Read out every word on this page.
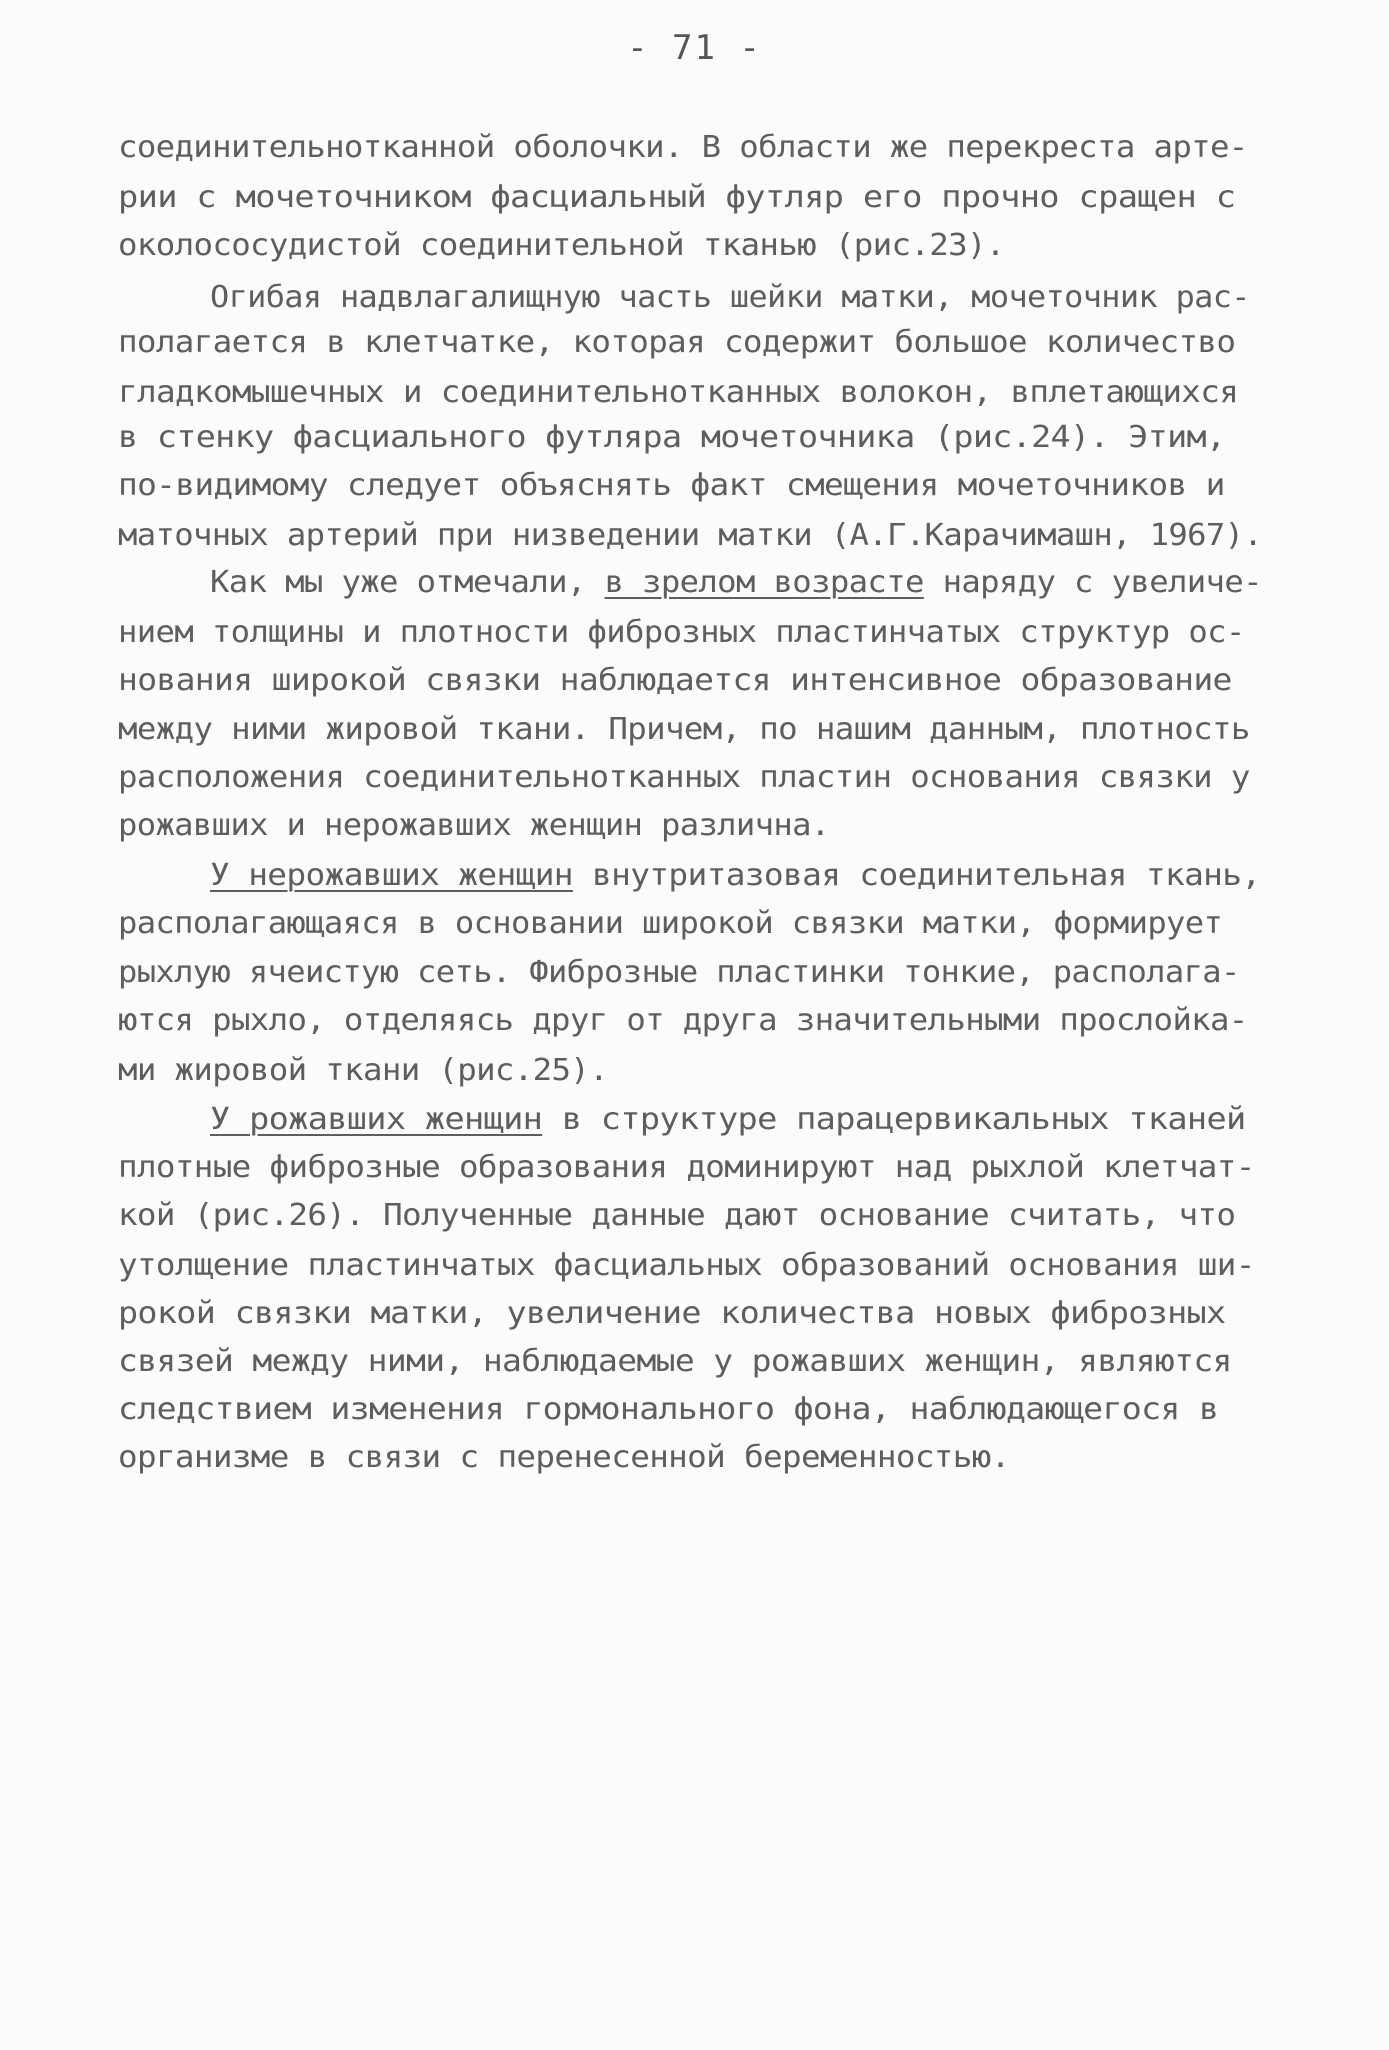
- 71 -
соединительнотканной оболочки. В области же перекреста арте-
рии с мочеточником фасциальный футляр его прочно сращен с
околососудистой соединительной тканью (рис.23).
Огибая надвлагалищную часть шейки матки, мочеточник рас-
полагается в клетчатке, которая содержит большое количество
гладкомышечных и соединительнотканных волокон, вплетающихся
в стенку фасциального футляра мочеточника (рис.24). Этим,
по-видимому следует объяснять факт смещения мочеточников и
маточных артерий при низведении матки (А.Г.Карачимашн, 1967).
Как мы уже отмечали, в зрелом возрасте наряду с увеличе-
нием толщины и плотности фиброзных пластинчатых структур ос-
нования широкой связки наблюдается интенсивное образование
между ними жировой ткани. Причем, по нашим данным, плотность
расположения соединительнотканных пластин основания связки у
рожавших и нерожавших женщин различна.
У нерожавших женщин внутритазовая соединительная ткань,
располагающаяся в основании широкой связки матки, формирует
рыхлую ячеистую сеть. Фиброзные пластинки тонкие, располага-
ются рыхло, отделяясь друг от друга значительными прослойка-
ми жировой ткани (рис.25).
У рожавших женщин в структуре парацервикальных тканей
плотные фиброзные образования доминируют над рыхлой клетчат-
кой (рис.26). Полученные данные дают основание считать, что
утолщение пластинчатых фасциальных образований основания ши-
рокой связки матки, увеличение количества новых фиброзных
связей между ними, наблюдаемые у рожавших женщин, являются
следствием изменения гормонального фона, наблюдающегося в
организме в связи с перенесенной беременностью.
